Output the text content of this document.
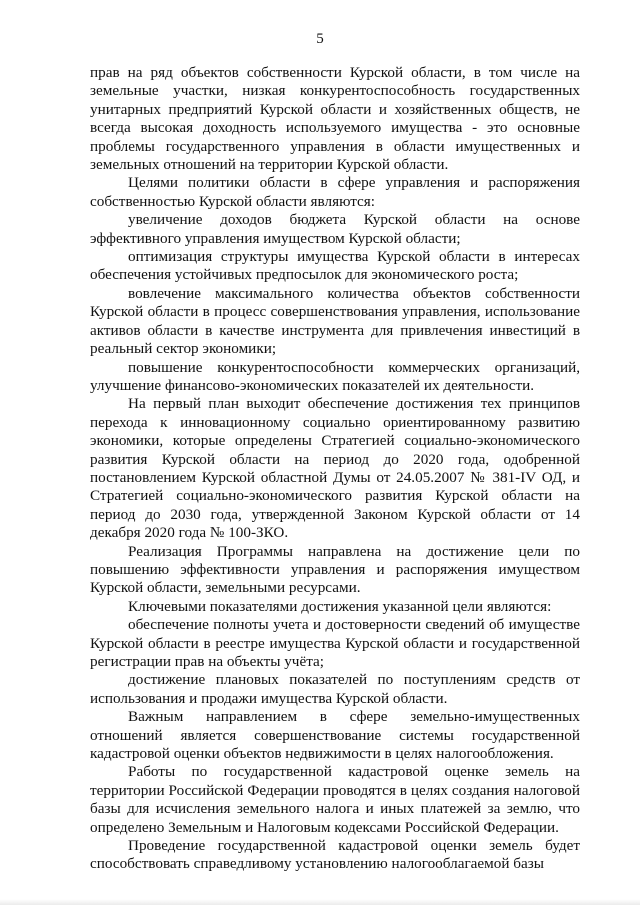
5

прав на ряд объектов собственности Курской области, в том числе на земельные участки, низкая конкурентоспособность государственных унитарных предприятий Курской области и хозяйственных обществ, не всегда высокая доходность используемого имущества - это основные проблемы государственного управления в области имущественных и земельных отношений на территории Курской области.

Целями политики области в сфере управления и распоряжения собственностью Курской области являются:

увеличение доходов бюджета Курской области на основе эффективного управления имуществом Курской области;

оптимизация структуры имущества Курской области в интересах обеспечения устойчивых предпосылок для экономического роста;

вовлечение максимального количества объектов собственности Курской области в процесс совершенствования управления, использование активов области в качестве инструмента для привлечения инвестиций в реальный сектор экономики;

повышение конкурентоспособности коммерческих организаций, улучшение финансово-экономических показателей их деятельности.

На первый план выходит обеспечение достижения тех принципов перехода к инновационному социально ориентированному развитию экономики, которые определены Стратегией социально-экономического развития Курской области на период до 2020 года, одобренной постановлением Курской областной Думы от 24.05.2007 № 381-IV ОД, и Стратегией социально-экономического развития Курской области на период до 2030 года, утвержденной Законом Курской области от 14 декабря 2020 года № 100-ЗКО.

Реализация Программы направлена на достижение цели по повышению эффективности управления и распоряжения имуществом Курской области, земельными ресурсами.

Ключевыми показателями достижения указанной цели являются:

обеспечение полноты учета и достоверности сведений об имуществе Курской области в реестре имущества Курской области и государственной регистрации прав на объекты учёта;

достижение плановых показателей по поступлениям средств от использования и продажи имущества Курской области.

Важным направлением в сфере земельно-имущественных отношений является совершенствование системы государственной кадастровой оценки объектов недвижимости в целях налогообложения.

Работы по государственной кадастровой оценке земель на территории Российской Федерации проводятся в целях создания налоговой базы для исчисления земельного налога и иных платежей за землю, что определено Земельным и Налоговым кодексами Российской Федерации.

Проведение государственной кадастровой оценки земель будет способствовать справедливому установлению налогооблагаемой базы
